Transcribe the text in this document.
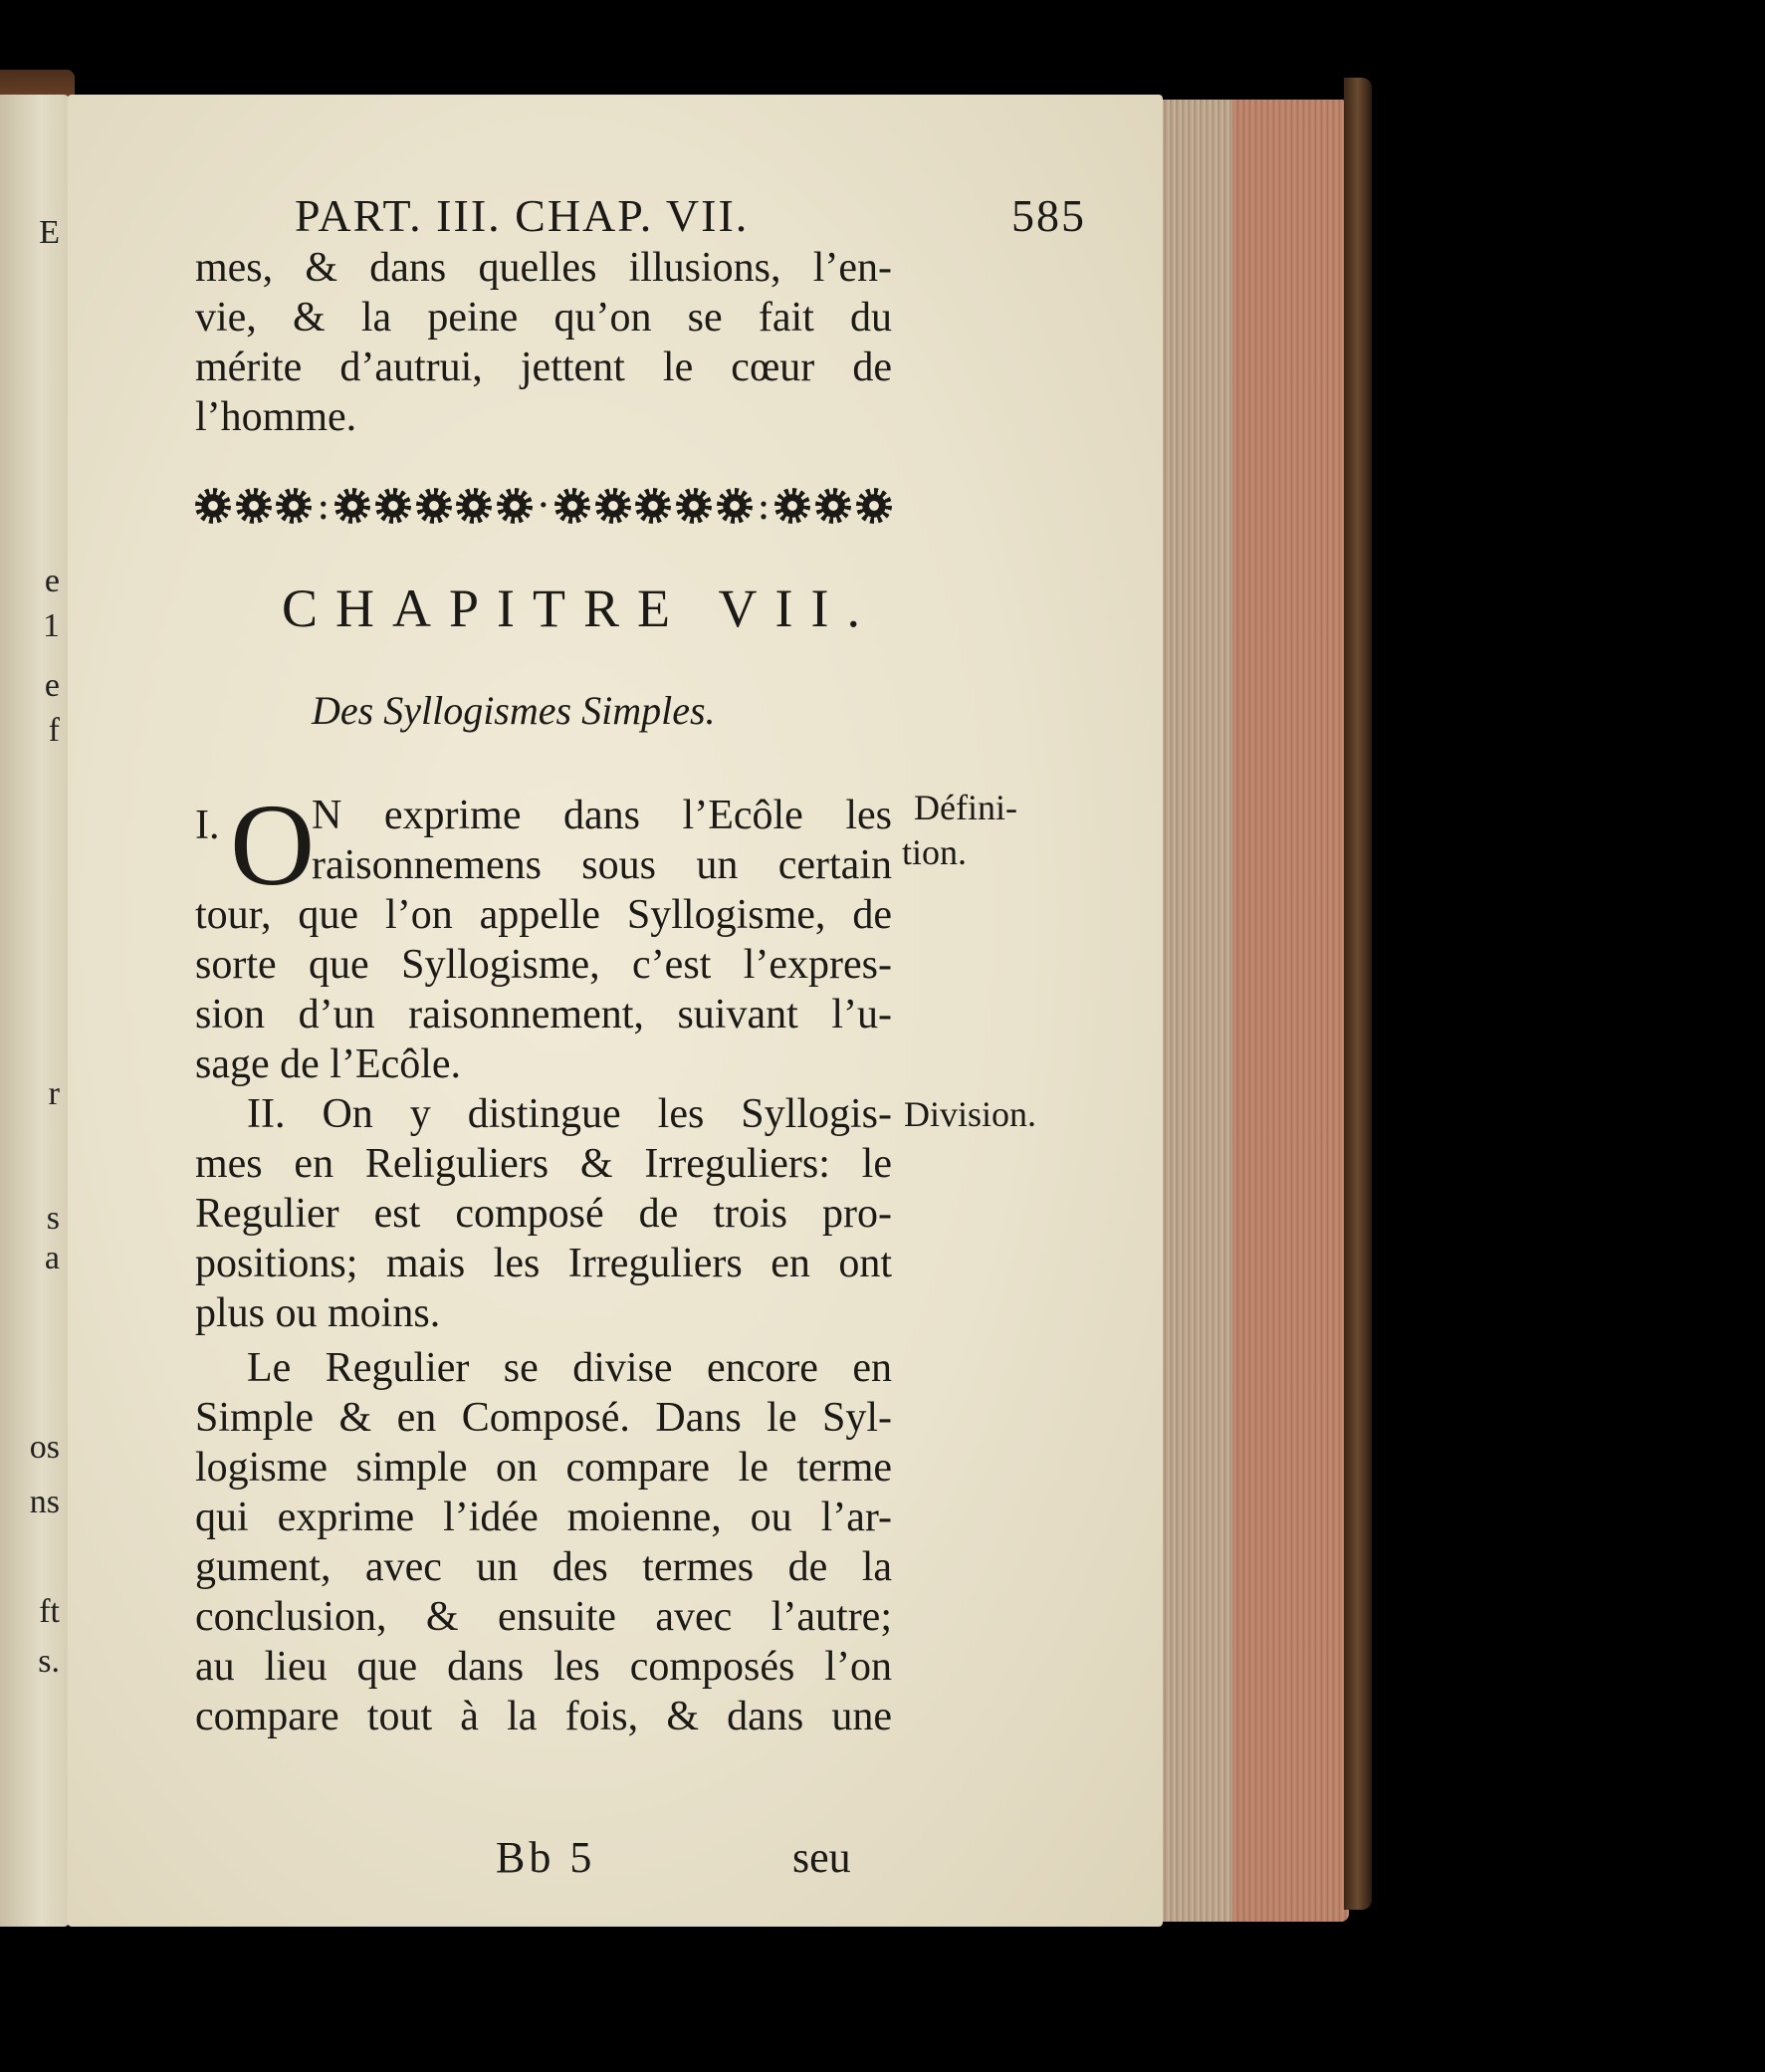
E
e
1
e
f
r
s
a
os
ns
ft
s.
PART. III. CHAP. VII.	585
mes, & dans quelles illusions, l’en-
vie, & la peine qu’on se fait du
mérite d’autrui, jettent le cœur de
l’homme.
:	·	:
CHAPITRE VII.
Des Syllogismes Simples.
I. O
N exprime dans l’Ecôle les
raisonnemens sous un certain
tour, que l’on appelle Syllogisme, de
sorte que Syllogisme, c’est l’expres-
sion d’un raisonnement, suivant l’u-
sage de l’Ecôle.
II. On y distingue les Syllogis-
mes en Religuliers & Irreguliers: le
Regulier est composé de trois pro-
positions; mais les Irreguliers en ont
plus ou moins.
Le Regulier se divise encore en
Simple & en Composé. Dans le Syl-
logisme simple on compare le terme
qui exprime l’idée moienne, ou l’ar-
gument, avec un des termes de la
conclusion, & ensuite avec l’autre;
au lieu que dans les composés l’on
compare tout à la fois, & dans une
Bb 5	seu
Défini-
tion.
Division.
